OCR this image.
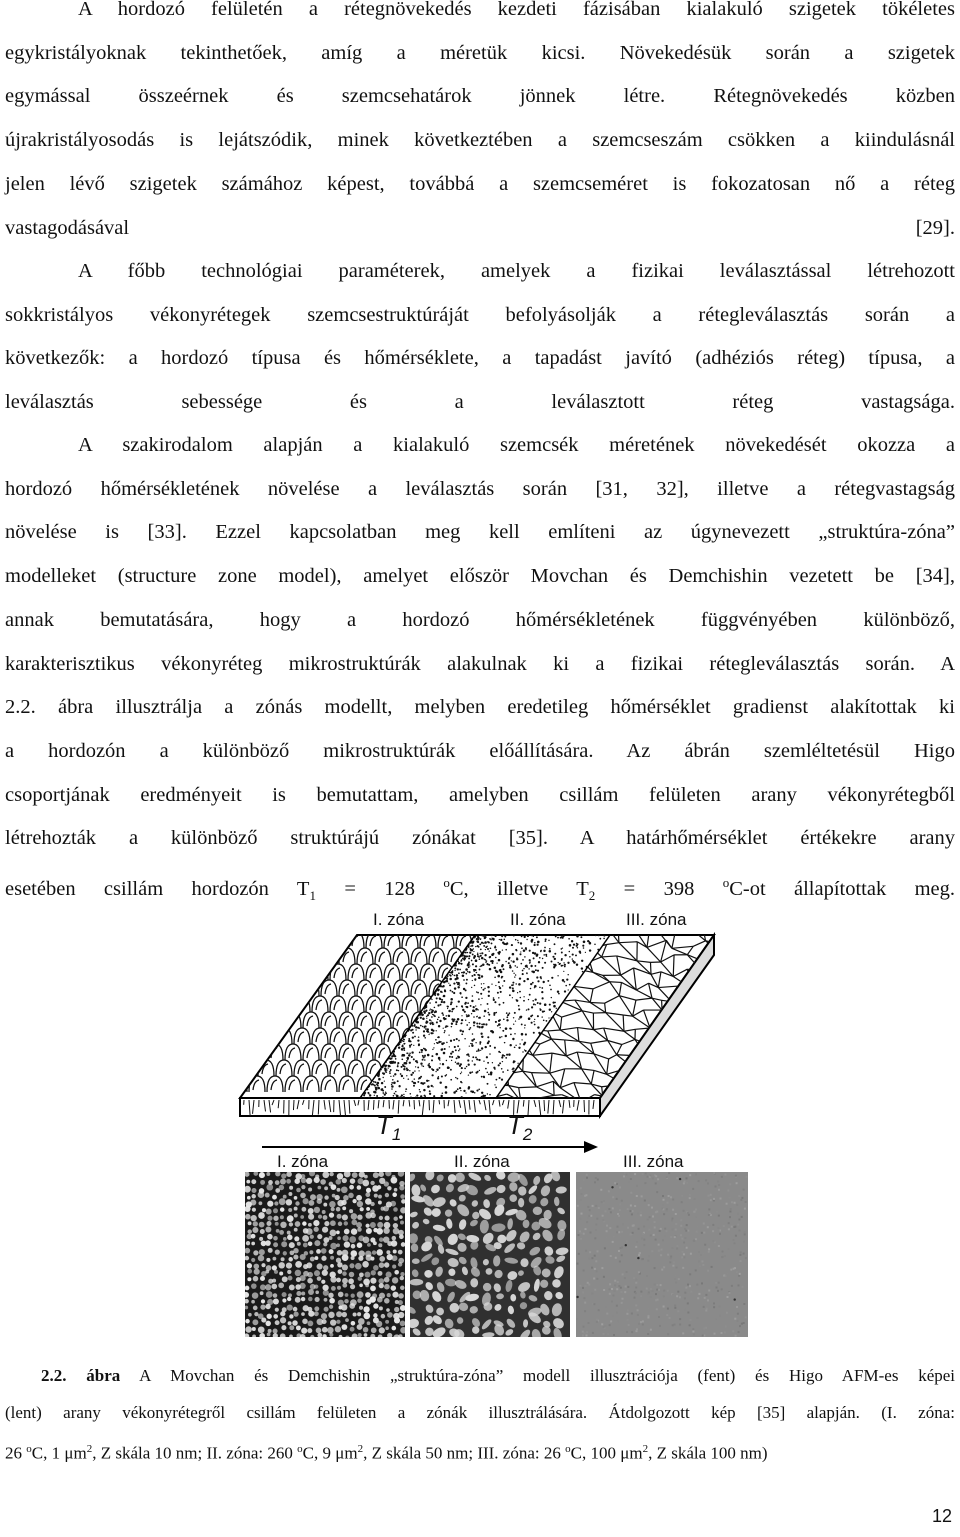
A hordozó felületén a rétegnövekedés kezdeti fázisában kialakuló szigetek tökéletes
egykristályoknak tekinthetőek, amíg a méretük kicsi. Növekedésük során a szigetek
egymással összeérnek és szemcsehatárok jönnek létre. Rétegnövekedés közben
újrakristályosodás is lejátszódik, minek következtében a szemcseszám csökken a kiindulásnál
jelen lévő szigetek számához képest, továbbá a szemcseméret is fokozatosan nő a réteg
vastagodásával [29].
A főbb technológiai paraméterek, amelyek a fizikai leválasztással létrehozott
sokkristályos vékonyrétegek szemcsestruktúráját befolyásolják a rétegleválasztás során a
következők: a hordozó típusa és hőmérséklete, a tapadást javító (adhéziós réteg) típusa, a
leválasztás sebessége és a leválasztott réteg vastagsága.
A szakirodalom alapján a kialakuló szemcsék méretének növekedését okozza a
hordozó hőmérsékletének növelése a leválasztás során [31, 32], illetve a rétegvastagság
növelése is [33]. Ezzel kapcsolatban meg kell említeni az úgynevezett „struktúra-zóna”
modelleket (structure zone model), amelyet először Movchan és Demchishin vezetett be [34],
annak bemutatására, hogy a hordozó hőmérsékletének függvényében különböző,
karakterisztikus vékonyréteg mikrostruktúrák alakulnak ki a fizikai rétegleválasztás során. A
2.2. ábra illusztrálja a zónás modellt, melyben eredetileg hőmérséklet gradienst alakítottak ki
a hordozón a különböző mikrostruktúrák előállítására. Az ábrán szemléltetésül Higo
csoportjának eredményeit is bemutattam, amelyben csillám felületen arany vékonyrétegből
létrehozták a különböző struktúrájú zónákat [35]. A határhőmérséklet értékekre arany
esetében csillám hordozón $T_1 = 128$ $^o$C, illetve $T_2 = 398$ $^o$C-ot állapítottak meg.
I. zóna	II. zóna	III. zóna
$T_1$	$T_2$
I. zóna	II. zóna	III. zóna
2.2. ábra A Movchan és Demchishin „struktúra-zóna” modell illusztrációja (fent) és Higo AFM-es képei
(lent) arany vékonyrétegről csillám felületen a zónák illusztrálására. Átdolgozott kép [35] alapján. (I. zóna:
26 $^o$C, 1 $\mu m^2$, Z skála 10 nm; II. zóna: 260 $^o$C, 9 $\mu m^2$, Z skála 50 nm; III. zóna: 26 $^o$C, 100 $\mu m^2$, Z skála 100 nm)
12
